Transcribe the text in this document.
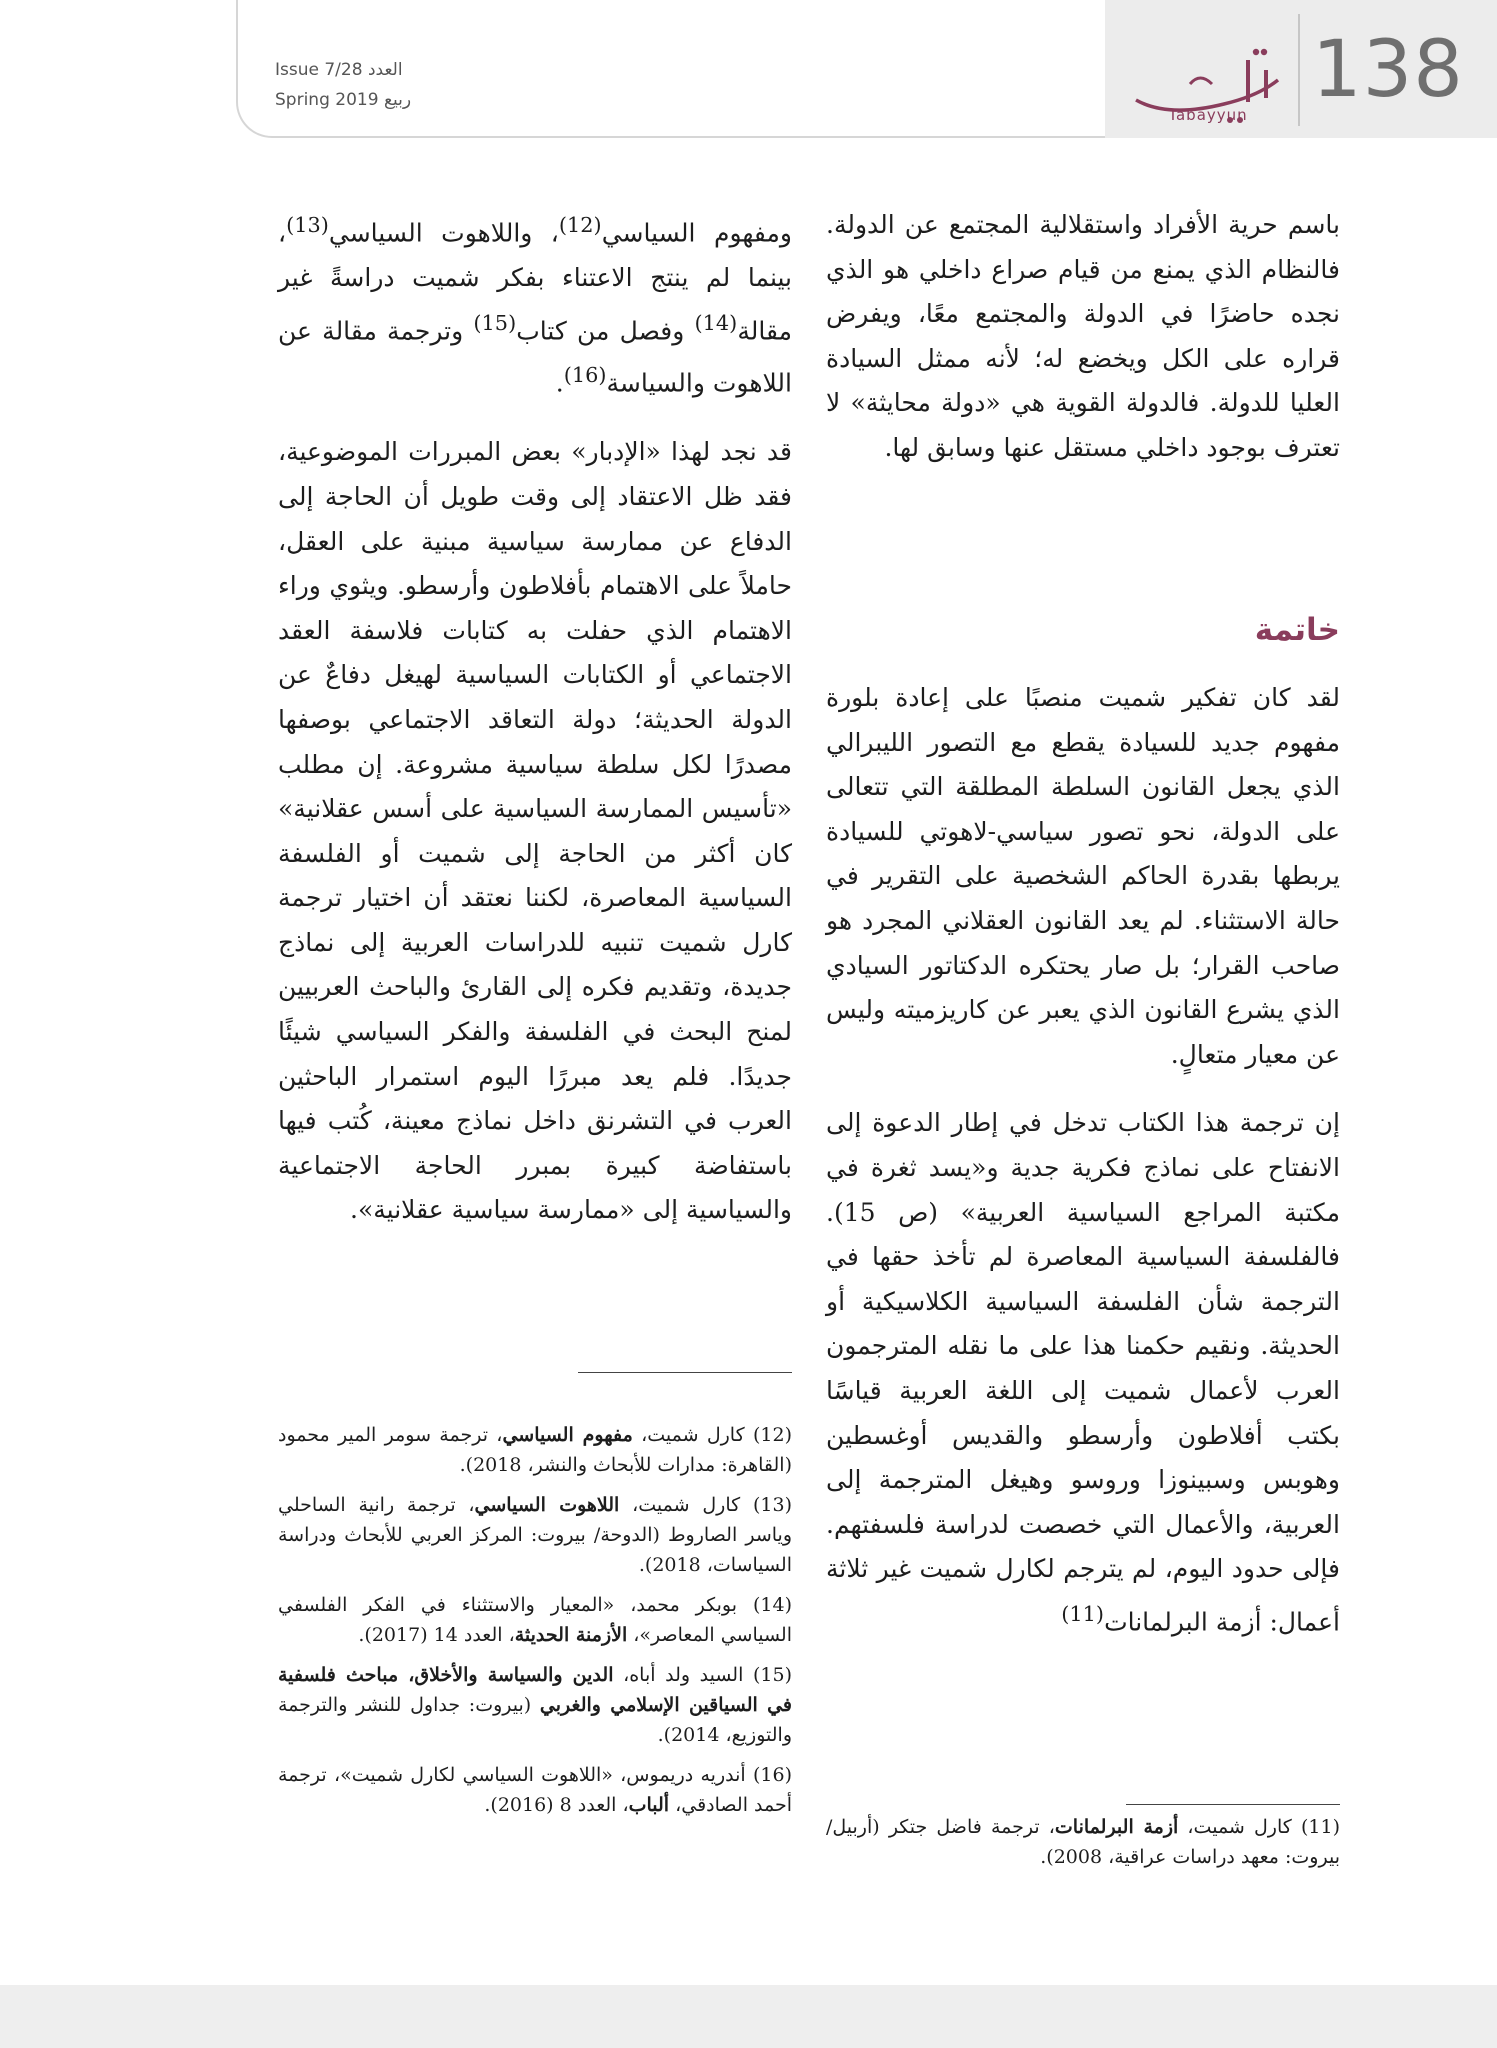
138
Tabayyun
Issue 7/28 العدد
Spring 2019 ربيع

باسم حرية الأفراد واستقلالية المجتمع عن الدولة. فالنظام الذي يمنع من قيام صراع داخلي هو الذي نجده حاضرًا في الدولة والمجتمع معًا، ويفرض قراره على الكل ويخضع له؛ لأنه ممثل السيادة العليا للدولة. فالدولة القوية هي «دولة محايثة» لا تعترف بوجود داخلي مستقل عنها وسابق لها.

خاتمة

لقد كان تفكير شميت منصبًا على إعادة بلورة مفهوم جديد للسيادة يقطع مع التصور الليبرالي الذي يجعل القانون السلطة المطلقة التي تتعالى على الدولة، نحو تصور سياسي-لاهوتي للسيادة يربطها بقدرة الحاكم الشخصية على التقرير في حالة الاستثناء. لم يعد القانون العقلاني المجرد هو صاحب القرار؛ بل صار يحتكره الدكتاتور السيادي الذي يشرع القانون الذي يعبر عن كاريزميته وليس عن معيار متعالٍ.

إن ترجمة هذا الكتاب تدخل في إطار الدعوة إلى الانفتاح على نماذج فكرية جدية و«يسد ثغرة في مكتبة المراجع السياسية العربية» (ص 15). فالفلسفة السياسية المعاصرة لم تأخذ حقها في الترجمة شأن الفلسفة السياسية الكلاسيكية أو الحديثة. ونقيم حكمنا هذا على ما نقله المترجمون العرب لأعمال شميت إلى اللغة العربية قياسًا بكتب أفلاطون وأرسطو والقديس أوغسطين وهوبس وسبينوزا وروسو وهيغل المترجمة إلى العربية، والأعمال التي خصصت لدراسة فلسفتهم. فإلى حدود اليوم، لم يترجم لكارل شميت غير ثلاثة أعمال: أزمة البرلمانات$^{(11)}$

ومفهوم السياسي$^{(12)}$، واللاهوت السياسي$^{(13)}$، بينما لم ينتج الاعتناء بفكر شميت دراسةً غير مقالة$^{(14)}$ وفصل من كتاب$^{(15)}$ وترجمة مقالة عن اللاهوت والسياسة$^{(16)}$.

قد نجد لهذا «الإدبار» بعض المبررات الموضوعية، فقد ظل الاعتقاد إلى وقت طويل أن الحاجة إلى الدفاع عن ممارسة سياسية مبنية على العقل، حاملاً على الاهتمام بأفلاطون وأرسطو. ويثوي وراء الاهتمام الذي حفلت به كتابات فلاسفة العقد الاجتماعي أو الكتابات السياسية لهيغل دفاعٌ عن الدولة الحديثة؛ دولة التعاقد الاجتماعي بوصفها مصدرًا لكل سلطة سياسية مشروعة. إن مطلب «تأسيس الممارسة السياسية على أسس عقلانية» كان أكثر من الحاجة إلى شميت أو الفلسفة السياسية المعاصرة، لكننا نعتقد أن اختيار ترجمة كارل شميت تنبيه للدراسات العربية إلى نماذج جديدة، وتقديم فكره إلى القارئ والباحث العربيين لمنح البحث في الفلسفة والفكر السياسي شيئًا جديدًا. فلم يعد مبررًا اليوم استمرار الباحثين العرب في التشرنق داخل نماذج معينة، كُتب فيها باستفاضة كبيرة بمبرر الحاجة الاجتماعية والسياسية إلى «ممارسة سياسية عقلانية».

(12) كارل شميت، مفهوم السياسي، ترجمة سومر المير محمود (القاهرة: مدارات للأبحاث والنشر، 2018).

(13) كارل شميت، اللاهوت السياسي، ترجمة رانية الساحلي وياسر الصاروط (الدوحة/ بيروت: المركز العربي للأبحاث ودراسة السياسات، 2018).

(14) بوبكر محمد، «المعيار والاستثناء في الفكر الفلسفي السياسي المعاصر»، الأزمنة الحديثة، العدد 14 (2017).

(15) السيد ولد أباه، الدين والسياسة والأخلاق، مباحث فلسفية في السياقين الإسلامي والغربي (بيروت: جداول للنشر والترجمة والتوزيع، 2014).

(16) أندريه دريموس، «اللاهوت السياسي لكارل شميت»، ترجمة أحمد الصادقي، ألباب، العدد 8 (2016).

(11) كارل شميت، أزمة البرلمانات، ترجمة فاضل جتكر (أربيل/ بيروت: معهد دراسات عراقية، 2008).
